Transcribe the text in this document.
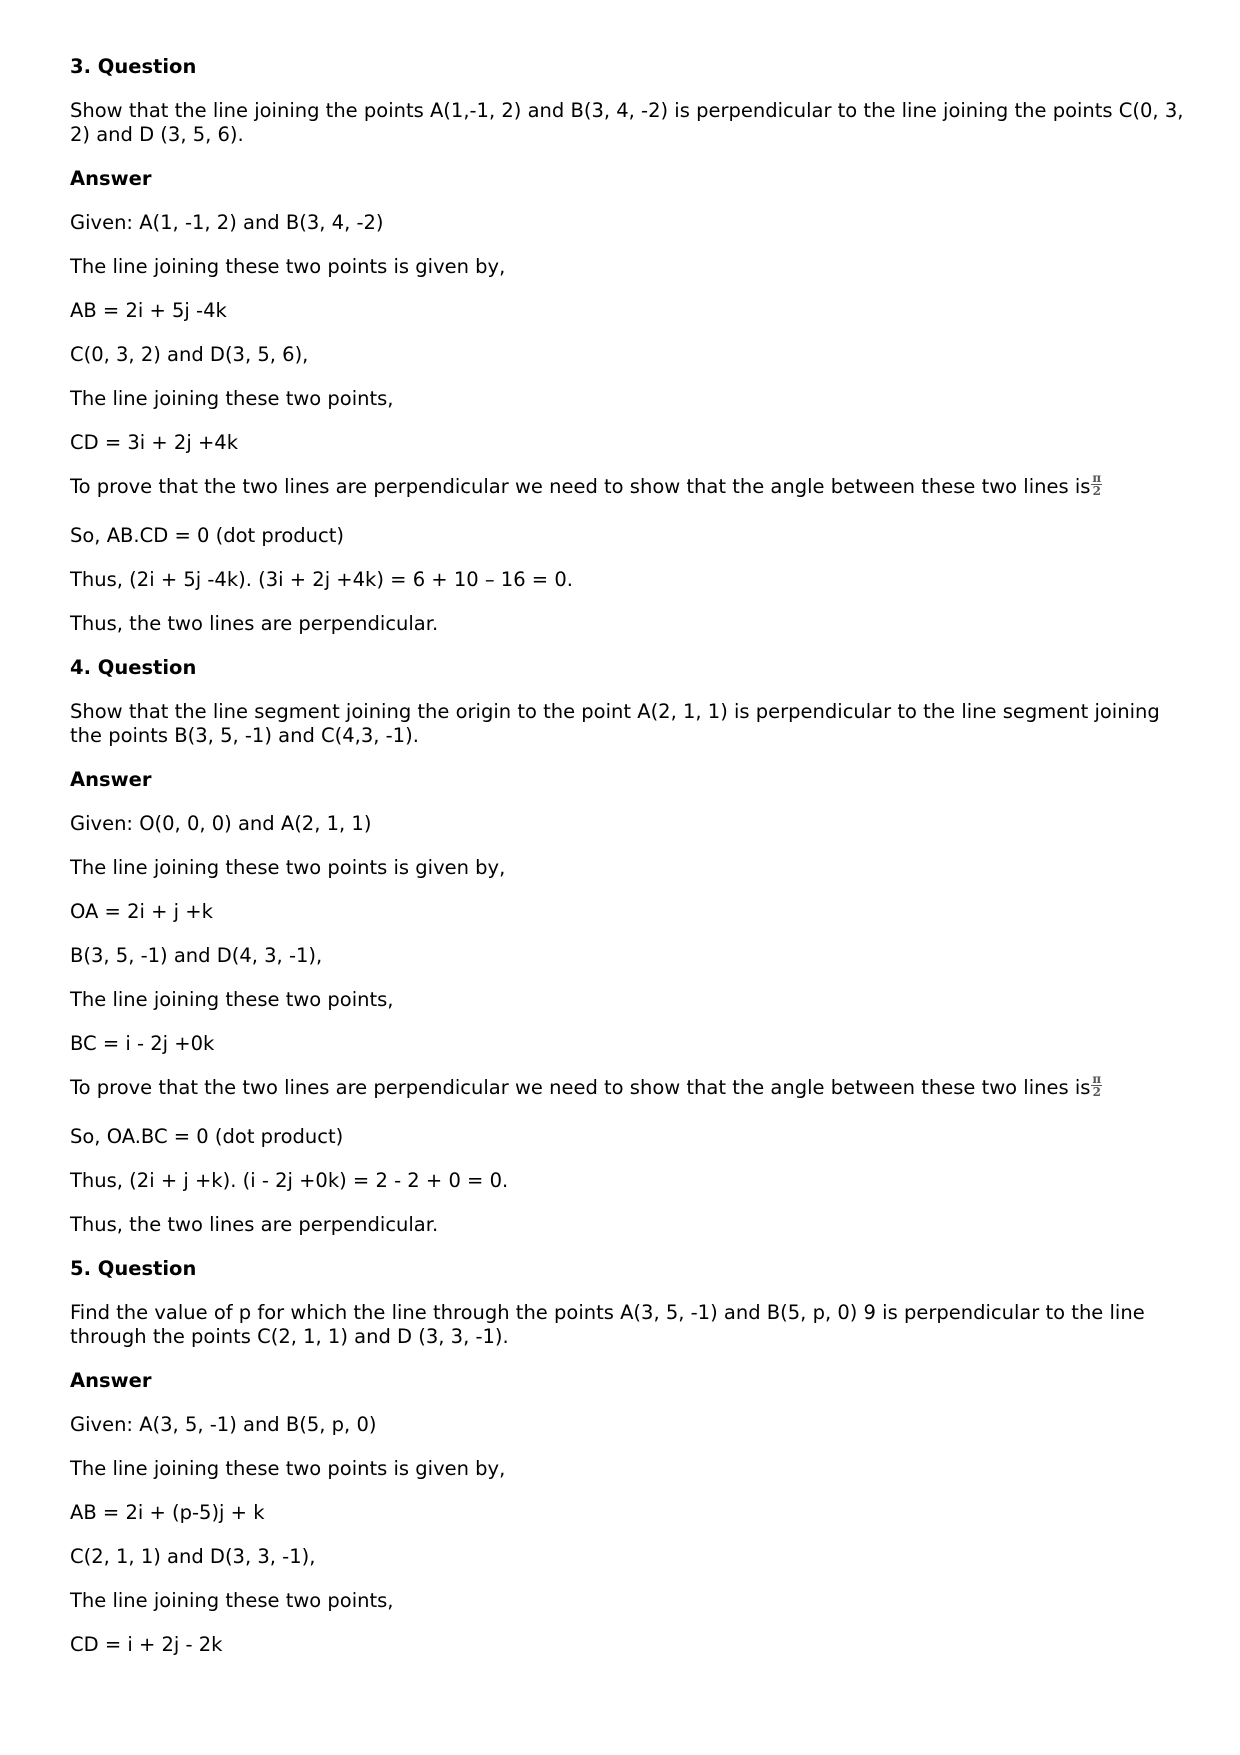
3. Question
Show that the line joining the points A(1,-1, 2) and B(3, 4, -2) is perpendicular to the line joining the points C(0, 3, 2) and D (3, 5, 6).
Answer
Given: A(1, -1, 2) and B(3, 4, -2)
The line joining these two points is given by,
AB = 2i + 5j -4k
C(0, 3, 2) and D(3, 5, 6),
The line joining these two points,
CD = 3i + 2j +4k
To prove that the two lines are perpendicular we need to show that the angle between these two lines is $\frac{\pi}{2}$
So, AB.CD = 0 (dot product)
Thus, (2i + 5j -4k). (3i + 2j +4k) = 6 + 10 – 16 = 0.
Thus, the two lines are perpendicular.
4. Question
Show that the line segment joining the origin to the point A(2, 1, 1) is perpendicular to the line segment joining the points B(3, 5, -1) and C(4,3, -1).
Answer
Given: O(0, 0, 0) and A(2, 1, 1)
The line joining these two points is given by,
OA = 2i + j +k
B(3, 5, -1) and D(4, 3, -1),
The line joining these two points,
BC = i - 2j +0k
To prove that the two lines are perpendicular we need to show that the angle between these two lines is $\frac{\pi}{2}$
So, OA.BC = 0 (dot product)
Thus, (2i + j +k). (i - 2j +0k) = 2 - 2 + 0 = 0.
Thus, the two lines are perpendicular.
5. Question
Find the value of p for which the line through the points A(3, 5, -1) and B(5, p, 0) 9 is perpendicular to the line through the points C(2, 1, 1) and D (3, 3, -1).
Answer
Given: A(3, 5, -1) and B(5, p, 0)
The line joining these two points is given by,
AB = 2i + (p-5)j + k
C(2, 1, 1) and D(3, 3, -1),
The line joining these two points,
CD = i + 2j - 2k
